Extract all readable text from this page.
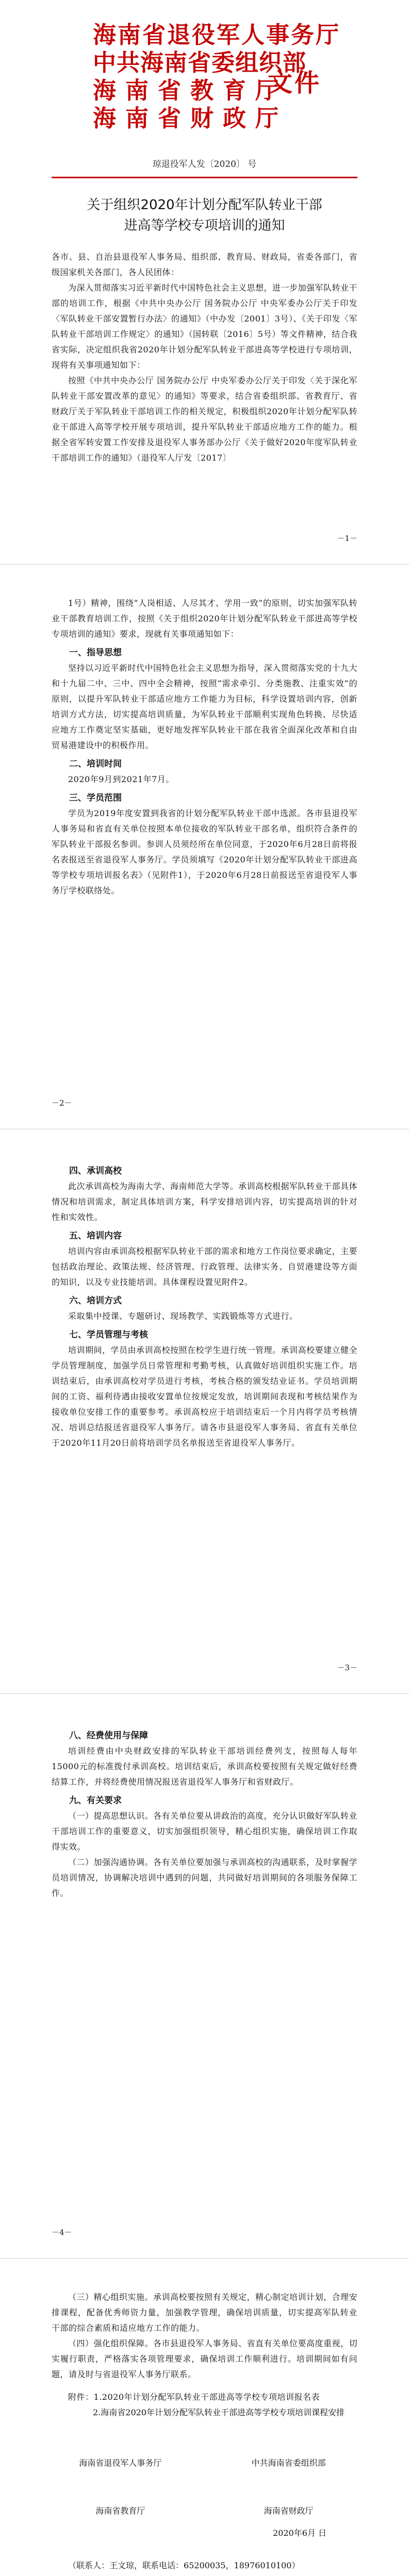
海南省退役军人事务厅
中共海南省委组织部
海南省教育厅
海南省财政厅
文件
琼退役军人发〔2020〕 号
关于组织2020年计划分配军队转业干部
进高等学校专项培训的通知

各市、县、自治县退役军人事务局、组织部、教育局、财政局，省委各部门，省级国家机关各部门，各人民团体：

为深入贯彻落实习近平新时代中国特色社会主义思想，进一步加强军队转业干部的培训工作，根据《中共中央办公厅 国务院办公厅 中央军委办公厅关于印发〈军队转业干部安置暂行办法〉的通知》（中办发〔2001〕3号）、《关于印发〈军队转业干部培训工作规定〉的通知》（国转联〔2016〕5号）等文件精神，结合我省实际，决定组织我省2020年计划分配军队转业干部进高等学校进行专项培训，现将有关事项通知如下：

按照《中共中央办公厅 国务院办公厅 中央军委办公厅关于印发〈关于深化军队转业干部安置改革的意见〉的通知》等要求，结合省委组织部、省教育厅、省财政厅关于军队转业干部培训工作的相关规定，积极组织2020年计划分配军队转业干部进入高等学校开展专项培训，提升军队转业干部适应地方工作的能力。根据全省军转安置工作安排及退役军人事务部办公厅《关于做好2020年度军队转业干部培训工作的通知》（退役军人厅发〔2017〕

－1－

1号）精神，围绕“人岗相适、人尽其才、学用一致”的原则，切实加强军队转业干部教育培训工作，按照《关于组织2020年计划分配军队转业干部进高等学校专项培训的通知》要求，现就有关事项通知如下：

一、指导思想

坚持以习近平新时代中国特色社会主义思想为指导，深入贯彻落实党的十九大和十九届二中、三中、四中全会精神，按照“需求牵引、分类施教、注重实效”的原则，以提升军队转业干部适应地方工作能力为目标，科学设置培训内容，创新培训方式方法，切实提高培训质量，为军队转业干部顺利实现角色转换、尽快适应地方工作奠定坚实基础，更好地发挥军队转业干部在我省全面深化改革和自由贸易港建设中的积极作用。

二、培训时间

2020年9月到2021年7月。

三、学员范围

学员为2019年度安置到我省的计划分配军队转业干部中选派。各市县退役军人事务局和省直有关单位按照本单位接收的军队转业干部名单，组织符合条件的军队转业干部报名参训。参训人员须经所在单位同意，于2020年6月28日前将报名表报送至省退役军人事务厅。学员须填写《2020年计划分配军队转业干部进高等学校专项培训报名表》（见附件1），于2020年6月28日前报送至省退役军人事务厅学校联络处。

－2－
四、承训高校

此次承训高校为海南大学、海南师范大学等。承训高校根据军队转业干部具体情况和培训需求，制定具体培训方案，科学安排培训内容，切实提高培训的针对性和实效性。

五、培训内容

培训内容由承训高校根据军队转业干部的需求和地方工作岗位要求确定，主要包括政治理论、政策法规、经济管理、行政管理、法律实务、自贸港建设等方面的知识，以及专业技能培训。具体课程设置见附件2。

六、培训方式

采取集中授课、专题研讨、现场教学、实践锻炼等方式进行。

七、学员管理与考核

培训期间，学员由承训高校按照在校学生进行统一管理。承训高校要建立健全学员管理制度，加强学员日常管理和考勤考核，认真做好培训组织实施工作。培训结束后，由承训高校对学员进行考核，考核合格的颁发结业证书。学员培训期间的工资、福利待遇由接收安置单位按规定发放，培训期间表现和考核结果作为接收单位安排工作的重要参考。承训高校应于培训结束后一个月内将学员考核情况、培训总结报送省退役军人事务厅。请各市县退役军人事务局、省直有关单位于2020年11月20日前将培训学员名单报送至省退役军人事务厅。

－3－
八、经费使用与保障

培训经费由中央财政安排的军队转业干部培训经费列支，按照每人每年15000元的标准拨付承训高校。培训结束后，承训高校要按照有关规定做好经费结算工作，并将经费使用情况报送省退役军人事务厅和省财政厅。

九、有关要求

（一）提高思想认识。各有关单位要从讲政治的高度，充分认识做好军队转业干部培训工作的重要意义，切实加强组织领导，精心组织实施，确保培训工作取得实效。

（二）加强沟通协调。各有关单位要加强与承训高校的沟通联系，及时掌握学员培训情况，协调解决培训中遇到的问题，共同做好培训期间的各项服务保障工作。

－4－

（三）精心组织实施。承训高校要按照有关规定，精心制定培训计划，合理安排课程，配备优秀师资力量，加强教学管理，确保培训质量，切实提高军队转业干部的综合素质和适应地方工作的能力。

（四）强化组织保障。各市县退役军人事务局、省直有关单位要高度重视，切实履行职责，严格落实各项管理要求，确保培训工作顺利进行。培训期间如有问题，请及时与省退役军人事务厅联系。

附件：1.2020年计划分配军队转业干部进高等学校专项培训报名表

2.海南省2020年计划分配军队转业干部进高等学校专项培训课程安排

海南省退役军人事务厅	中共海南省委组织部
海南省教育厅	海南省财政厅
2020年6月 日
（联系人：王文琼，联系电话：65200035，18976010100）
